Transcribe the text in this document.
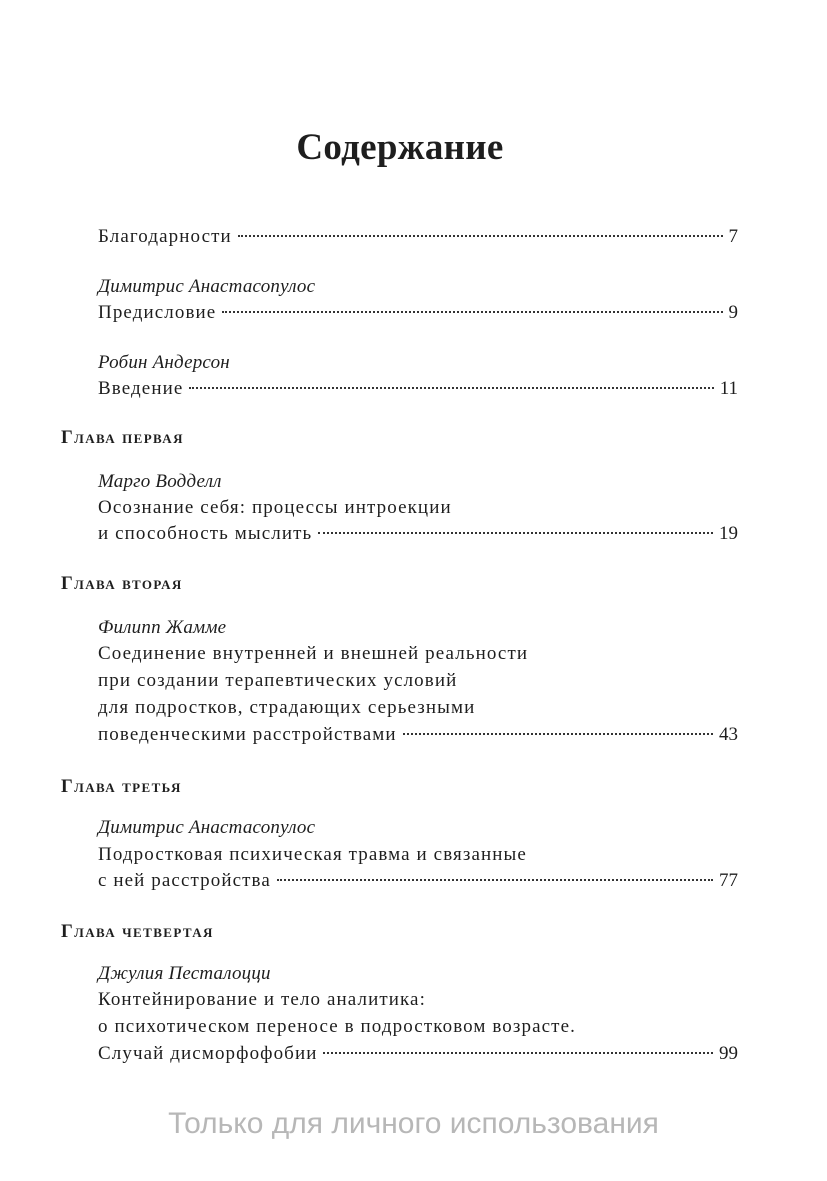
Содержание
Благодарности	7
Димитрис Анастасопулос
Предисловие	9
Робин Андерсон
Введение	11
Глава первая
Марго Водделл
Осознание себя: процессы интроекции
и способность мыслить	19
Глава вторая
Филипп Жамме
Соединение внутренней и внешней реальности
при создании терапевтических условий
для подростков, страдающих серьезными
поведенческими расстройствами	43
Глава третья
Димитрис Анастасопулос
Подростковая психическая травма и связанные
с ней расстройства	77
Глава четвертая
Джулия Песталоцци
Контейнирование и тело аналитика:
о психотическом переносе в подростковом возрасте.
Случай дисморфофобии	99
Только для личного использования
